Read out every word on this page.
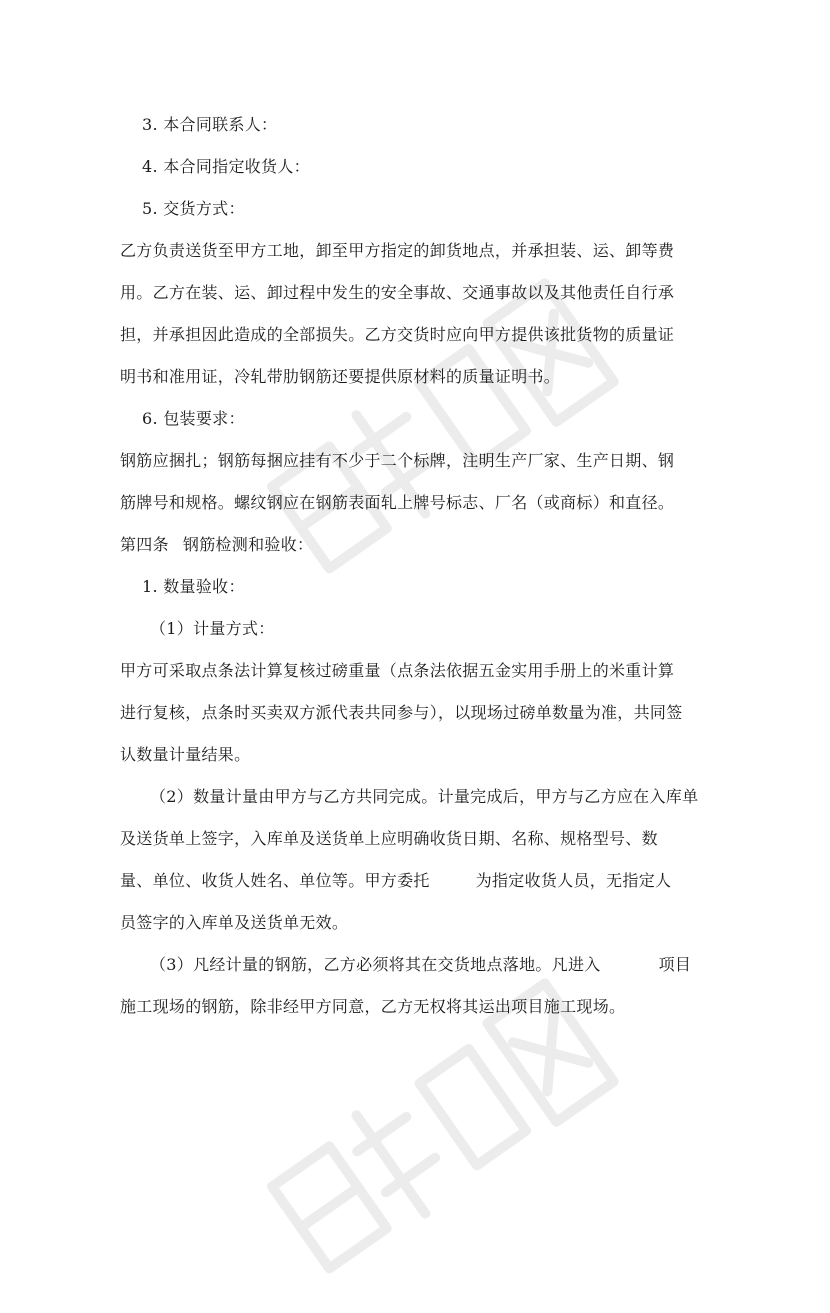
3. 本合同联系人：
4. 本合同指定收货人：
5. 交货方式：
乙方负责送货至甲方工地，卸至甲方指定的卸货地点，并承担装、运、卸等费
用。乙方在装、运、卸过程中发生的安全事故、交通事故以及其他责任自行承
担，并承担因此造成的全部损失。乙方交货时应向甲方提供该批货物的质量证
明书和准用证，冷轧带肋钢筋还要提供原材料的质量证明书。
6. 包装要求：
钢筋应捆扎；钢筋每捆应挂有不少于二个标牌，注明生产厂家、生产日期、钢
筋牌号和规格。螺纹钢应在钢筋表面轧上牌号标志、厂名（或商标）和直径。
第四条 钢筋检测和验收：
1. 数量验收：
（1）计量方式：
甲方可采取点条法计算复核过磅重量（点条法依据五金实用手册上的米重计算
进行复核，点条时买卖双方派代表共同参与），以现场过磅单数量为准，共同签
认数量计量结果。
（2）数量计量由甲方与乙方共同完成。计量完成后，甲方与乙方应在入库单
及送货单上签字，入库单及送货单上应明确收货日期、名称、规格型号、数
量、单位、收货人姓名、单位等。甲方委托	为指定收货人员，无指定人
员签字的入库单及送货单无效。
（3）凡经计量的钢筋，乙方必须将其在交货地点落地。凡进入	项目
施工现场的钢筋，除非经甲方同意，乙方无权将其运出项目施工现场。
